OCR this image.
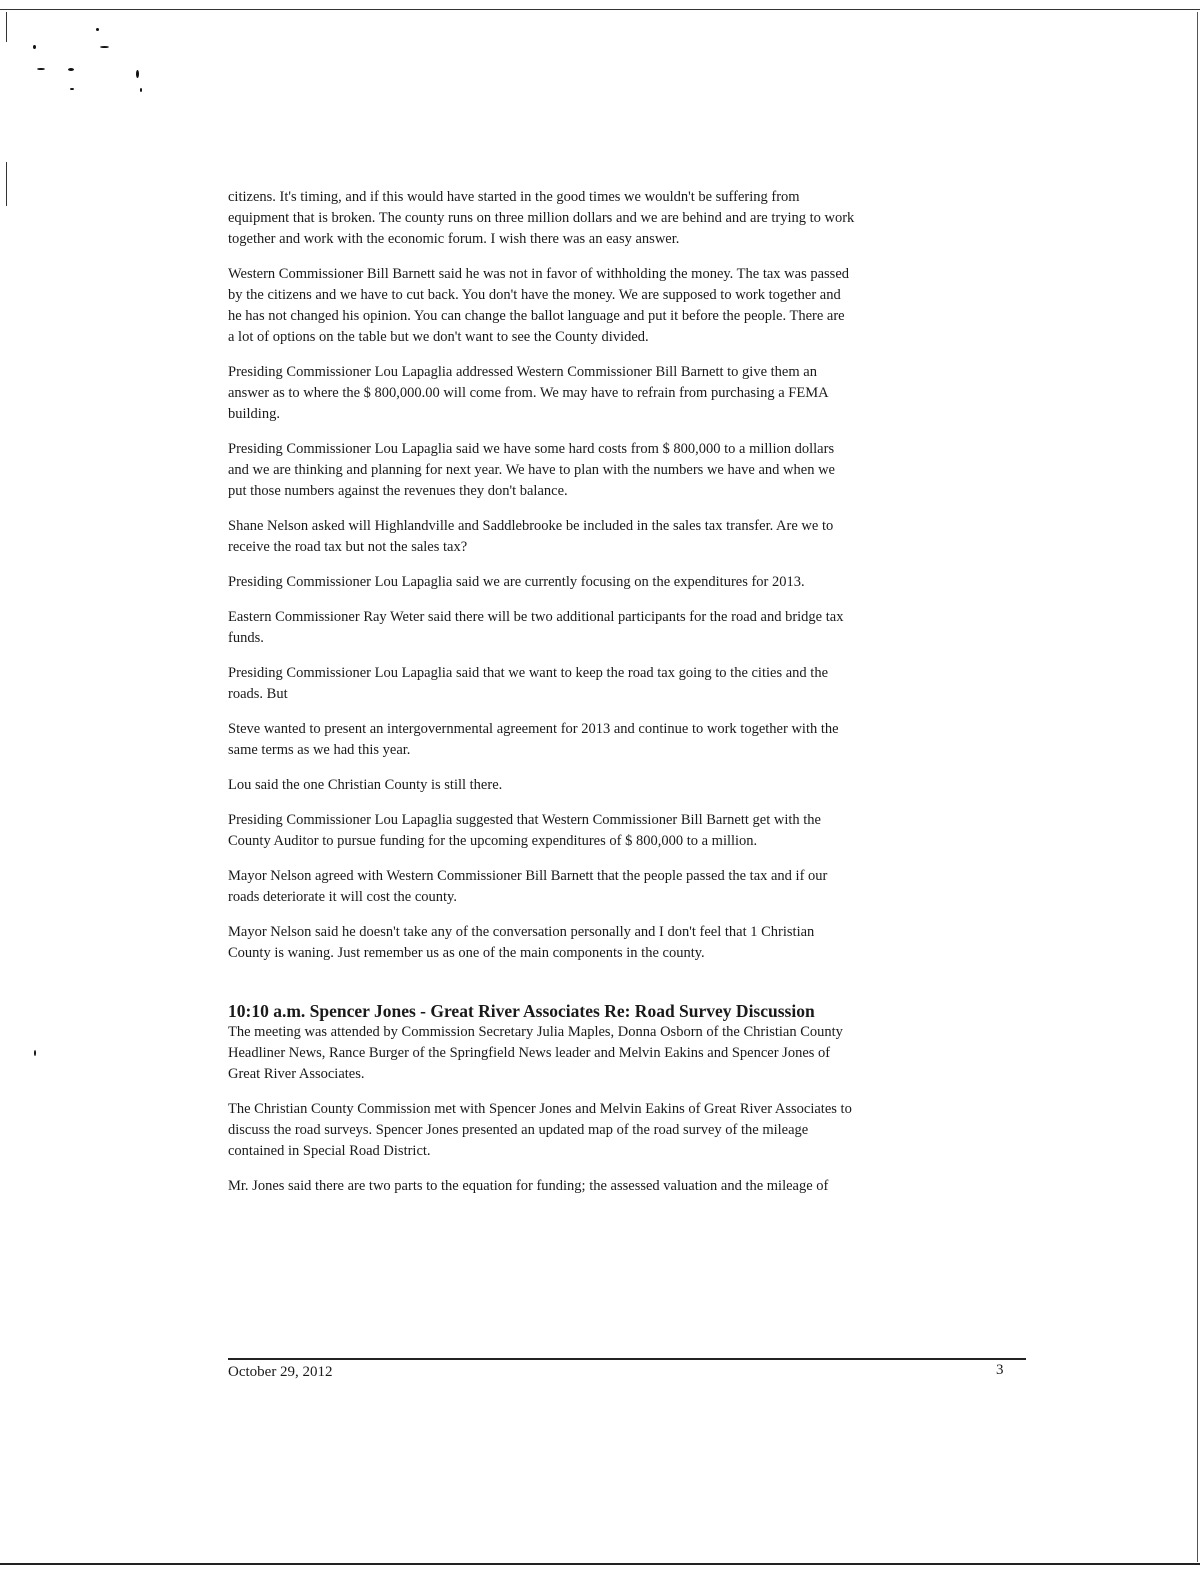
citizens. It's timing, and if this would have started in the good times we wouldn't be suffering from
equipment that is broken. The county runs on three million dollars and we are behind and are trying to work
together and work with the economic forum. I wish there was an easy answer.

Western Commissioner Bill Barnett said he was not in favor of withholding the money. The tax was passed
by the citizens and we have to cut back. You don't have the money. We are supposed to work together and
he has not changed his opinion. You can change the ballot language and put it before the people. There are
a lot of options on the table but we don't want to see the County divided.

Presiding Commissioner Lou Lapaglia addressed Western Commissioner Bill Barnett to give them an
answer as to where the $ 800,000.00 will come from. We may have to refrain from purchasing a FEMA
building.

Presiding Commissioner Lou Lapaglia said we have some hard costs from $ 800,000 to a million dollars
and we are thinking and planning for next year. We have to plan with the numbers we have and when we
put those numbers against the revenues they don't balance.

Shane Nelson asked will Highlandville and Saddlebrooke be included in the sales tax transfer. Are we to
receive the road tax but not the sales tax?

Presiding Commissioner Lou Lapaglia said we are currently focusing on the expenditures for 2013.

Eastern Commissioner Ray Weter said there will be two additional participants for the road and bridge tax
funds.

Presiding Commissioner Lou Lapaglia said that we want to keep the road tax going to the cities and the
roads. But

Steve wanted to present an intergovernmental agreement for 2013 and continue to work together with the
same terms as we had this year.

Lou said the one Christian County is still there.

Presiding Commissioner Lou Lapaglia suggested that Western Commissioner Bill Barnett get with the
County Auditor to pursue funding for the upcoming expenditures of $ 800,000 to a million.

Mayor Nelson agreed with Western Commissioner Bill Barnett that the people passed the tax and if our
roads deteriorate it will cost the county.

Mayor Nelson said he doesn't take any of the conversation personally and I don't feel that 1 Christian
County is waning. Just remember us as one of the main components in the county.

10:10 a.m. Spencer Jones - Great River Associates Re: Road Survey Discussion

The meeting was attended by Commission Secretary Julia Maples, Donna Osborn of the Christian County
Headliner News, Rance Burger of the Springfield News leader and Melvin Eakins and Spencer Jones of
Great River Associates.

The Christian County Commission met with Spencer Jones and Melvin Eakins of Great River Associates to
discuss the road surveys. Spencer Jones presented an updated map of the road survey of the mileage
contained in Special Road District.

Mr. Jones said there are two parts to the equation for funding; the assessed valuation and the mileage of

October 29, 2012	3
